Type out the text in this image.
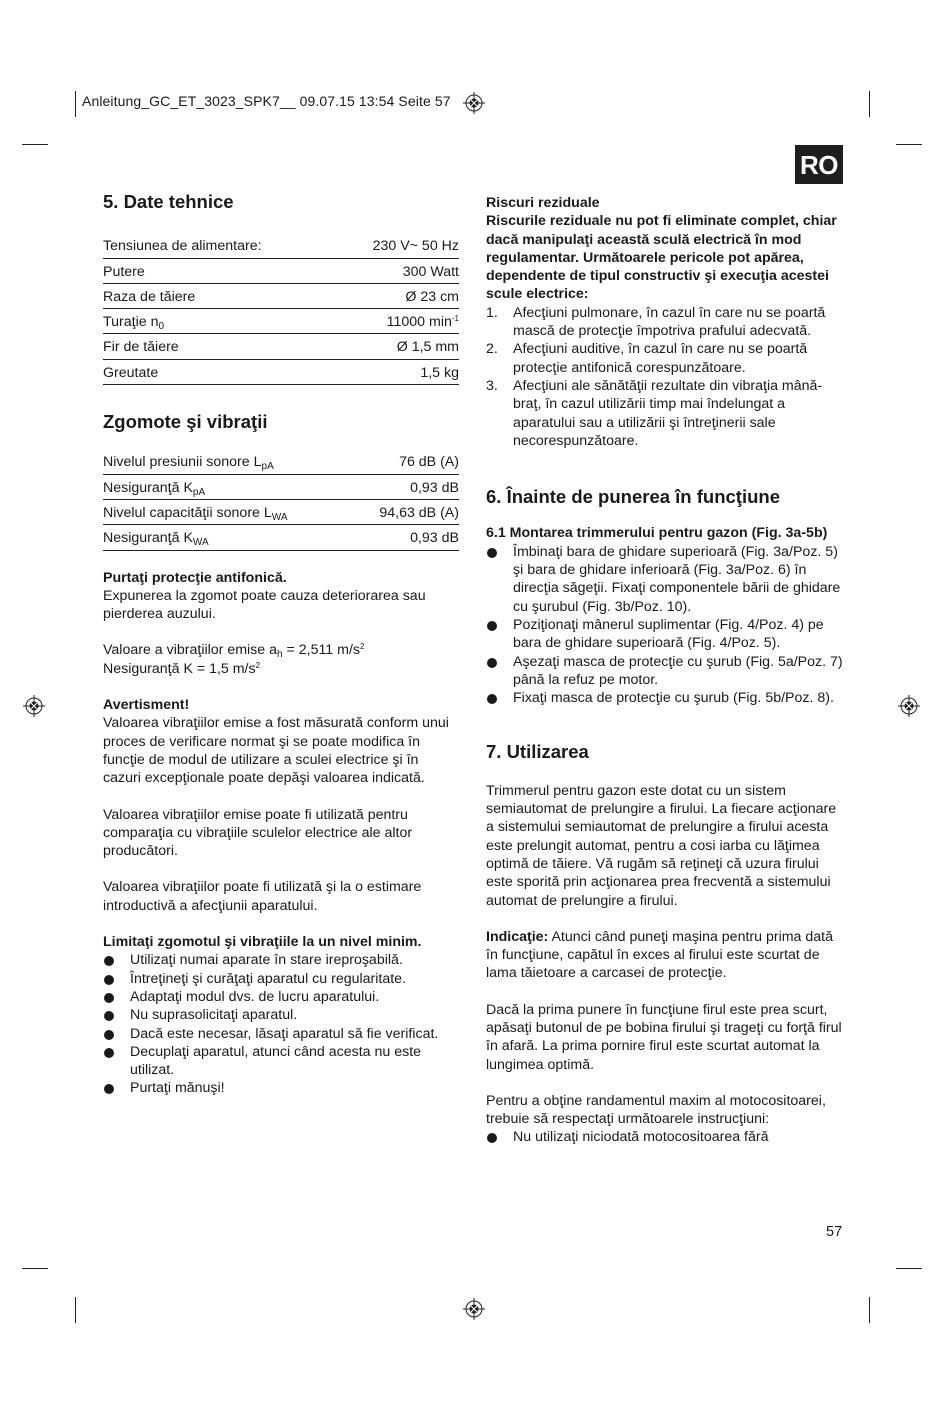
Anleitung_GC_ET_3023_SPK7__ 09.07.15 13:54 Seite 57
RO
5. Date tehnice
Tensiunea de alimentare:	230 V~ 50 Hz
Putere	300 Watt
Raza de tăiere	Ø 23 cm
Turaţie $n_0$	11000 $\min^{-1}$
Fir de tăiere	Ø 1,5 mm
Greutate	1,5 kg
Zgomote şi vibraţii
Nivelul presiunii sonore $L_{pA}$	76 dB (A)
Nesiguranţă $K_{pA}$	0,93 dB
Nivelul capacităţii sonore $L_{WA}$	94,63 dB (A)
Nesiguranţă $K_{WA}$	0,93 dB

Purtaţi protecţie antifonică.

Expunerea la zgomot poate cauza deteriorarea sau pierderea auzului.

Valoare a vibraţiilor emise $a_h = 2,511$ $m/s^2$

Nesiguranţă K = 1,5 $m/s^2$

Avertisment!

Valoarea vibraţiilor emise a fost măsurată conform unui proces de verificare normat şi se poate modifica în funcţie de modul de utilizare a sculei electrice şi în cazuri excepţionale poate depăşi valoarea indicată.

Valoarea vibraţiilor emise poate fi utilizată pentru comparaţia cu vibraţiile sculelor electrice ale altor producători.

Valoarea vibraţiilor poate fi utilizată şi la o estimare introductivă a afecţiunii aparatului.

Limitaţi zgomotul şi vibraţiile la un nivel minim.

Utilizaţi numai aparate în stare ireproşabilă.
Întreţineţi şi curăţaţi aparatul cu regularitate.
Adaptaţi modul dvs. de lucru aparatului.
Nu suprasolicitaţi aparatul.
Dacă este necesar, lăsaţi aparatul să fie verificat.
Decuplaţi aparatul, atunci când acesta nu este utilizat.
Purtaţi mănuşi!

Riscuri reziduale

Riscurile reziduale nu pot fi eliminate complet, chiar dacă manipulaţi această sculă electrică în mod regulamentar. Următoarele pericole pot apărea, dependente de tipul constructiv şi execuţia acestei scule electrice:

1. Afecţiuni pulmonare, în cazul în care nu se poartă mască de protecţie împotriva prafului adecvată.
2. Afecţiuni auditive, în cazul în care nu se poartă protecţie antifonică corespunzătoare.
3. Afecţiuni ale sănătăţii rezultate din vibraţia mână-braţ, în cazul utilizării timp mai îndelungat a aparatului sau a utilizării şi întreţinerii sale necorespunzătoare.
6. Înainte de punerea în funcţiune

6.1 Montarea trimmerului pentru gazon (Fig. 3a-5b)

Îmbinaţi bara de ghidare superioară (Fig. 3a/Poz. 5) şi bara de ghidare inferioară (Fig. 3a/Poz. 6) în direcţia săgeţii. Fixaţi componentele bării de ghidare cu şurubul (Fig. 3b/Poz. 10).
Poziţionaţi mânerul suplimentar (Fig. 4/Poz. 4) pe bara de ghidare superioară (Fig. 4/Poz. 5).
Aşezaţi masca de protecţie cu şurub (Fig. 5a/Poz. 7) până la refuz pe motor.
Fixaţi masca de protecţie cu şurub (Fig. 5b/Poz. 8).
7. Utilizarea

Trimmerul pentru gazon este dotat cu un sistem semiautomat de prelungire a firului. La fiecare acţionare a sistemului semiautomat de prelungire a firului acesta este prelungit automat, pentru a cosi iarba cu lăţimea optimă de tăiere. Vă rugăm să reţineţi că uzura firului este sporită prin acţionarea prea frecventă a sistemului automat de prelungire a firului.

Indicaţie: Atunci când puneţi maşina pentru prima dată în funcţiune, capătul în exces al firului este scurtat de lama tăietoare a carcasei de protecţie.

Dacă la prima punere în funcţiune firul este prea scurt, apăsaţi butonul de pe bobina firului şi trageţi cu forţă firul în afară. La prima pornire firul este scurtat automat la lungimea optimă.

Pentru a obţine randamentul maxim al motocositoarei, trebuie să respectaţi următoarele instrucţiuni:

Nu utilizaţi niciodată motocositoarea fără
57
